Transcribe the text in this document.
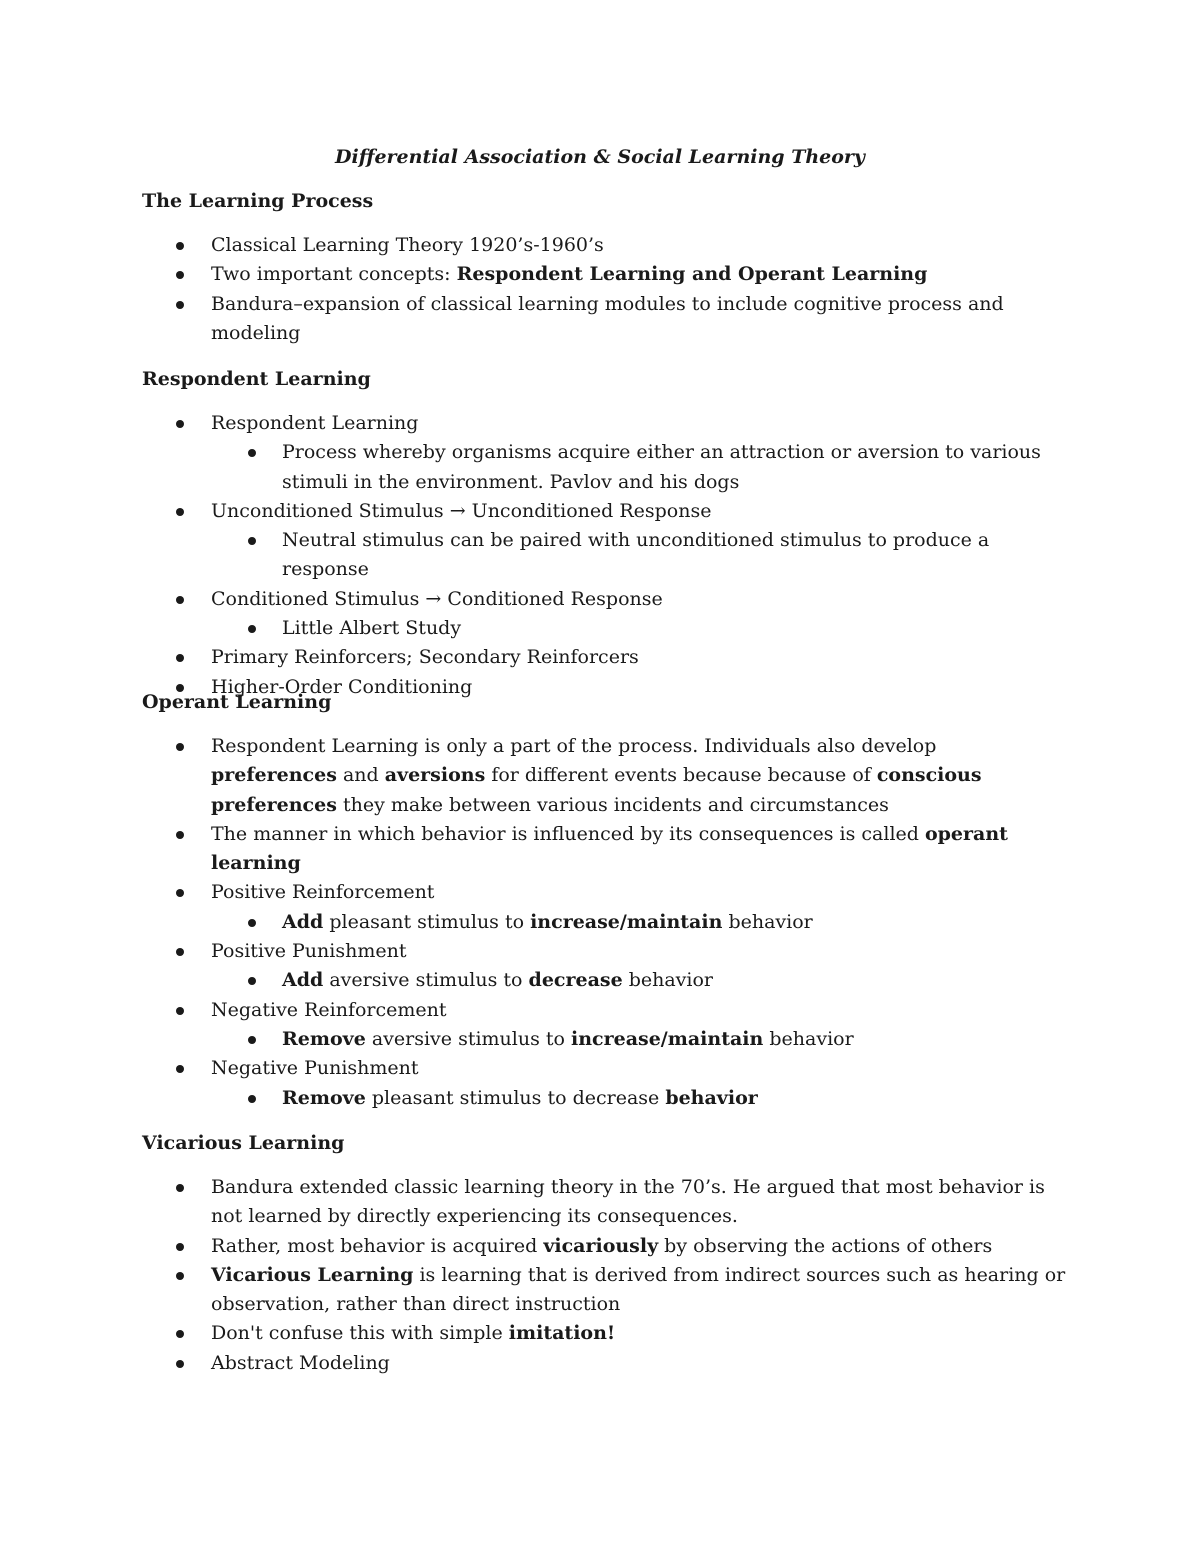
Differential Association & Social Learning Theory
The Learning Process
Classical Learning Theory 1920’s-1960’s
Two important concepts: Respondent Learning and Operant Learning
Bandura–expansion of classical learning modules to include cognitive process and modeling
Respondent Learning
Respondent Learning
Process whereby organisms acquire either an attraction or aversion to various stimuli in the environment. Pavlov and his dogs
Unconditioned Stimulus → Unconditioned Response
Neutral stimulus can be paired with unconditioned stimulus to produce a response
Conditioned Stimulus → Conditioned Response
Little Albert Study
Primary Reinforcers; Secondary Reinforcers
Higher-Order Conditioning
Operant Learning
Respondent Learning is only a part of the process. Individuals also develop preferences and aversions for different events because because of conscious preferences they make between various incidents and circumstances
The manner in which behavior is influenced by its consequences is called operant learning
Positive Reinforcement
Add pleasant stimulus to increase/maintain behavior
Positive Punishment
Add aversive stimulus to decrease behavior
Negative Reinforcement
Remove aversive stimulus to increase/maintain behavior
Negative Punishment
Remove pleasant stimulus to decrease behavior
Vicarious Learning
Bandura extended classic learning theory in the 70’s. He argued that most behavior is not learned by directly experiencing its consequences.
Rather, most behavior is acquired vicariously by observing the actions of others
Vicarious Learning is learning that is derived from indirect sources such as hearing or observation, rather than direct instruction
Don't confuse this with simple imitation!
Abstract Modeling
